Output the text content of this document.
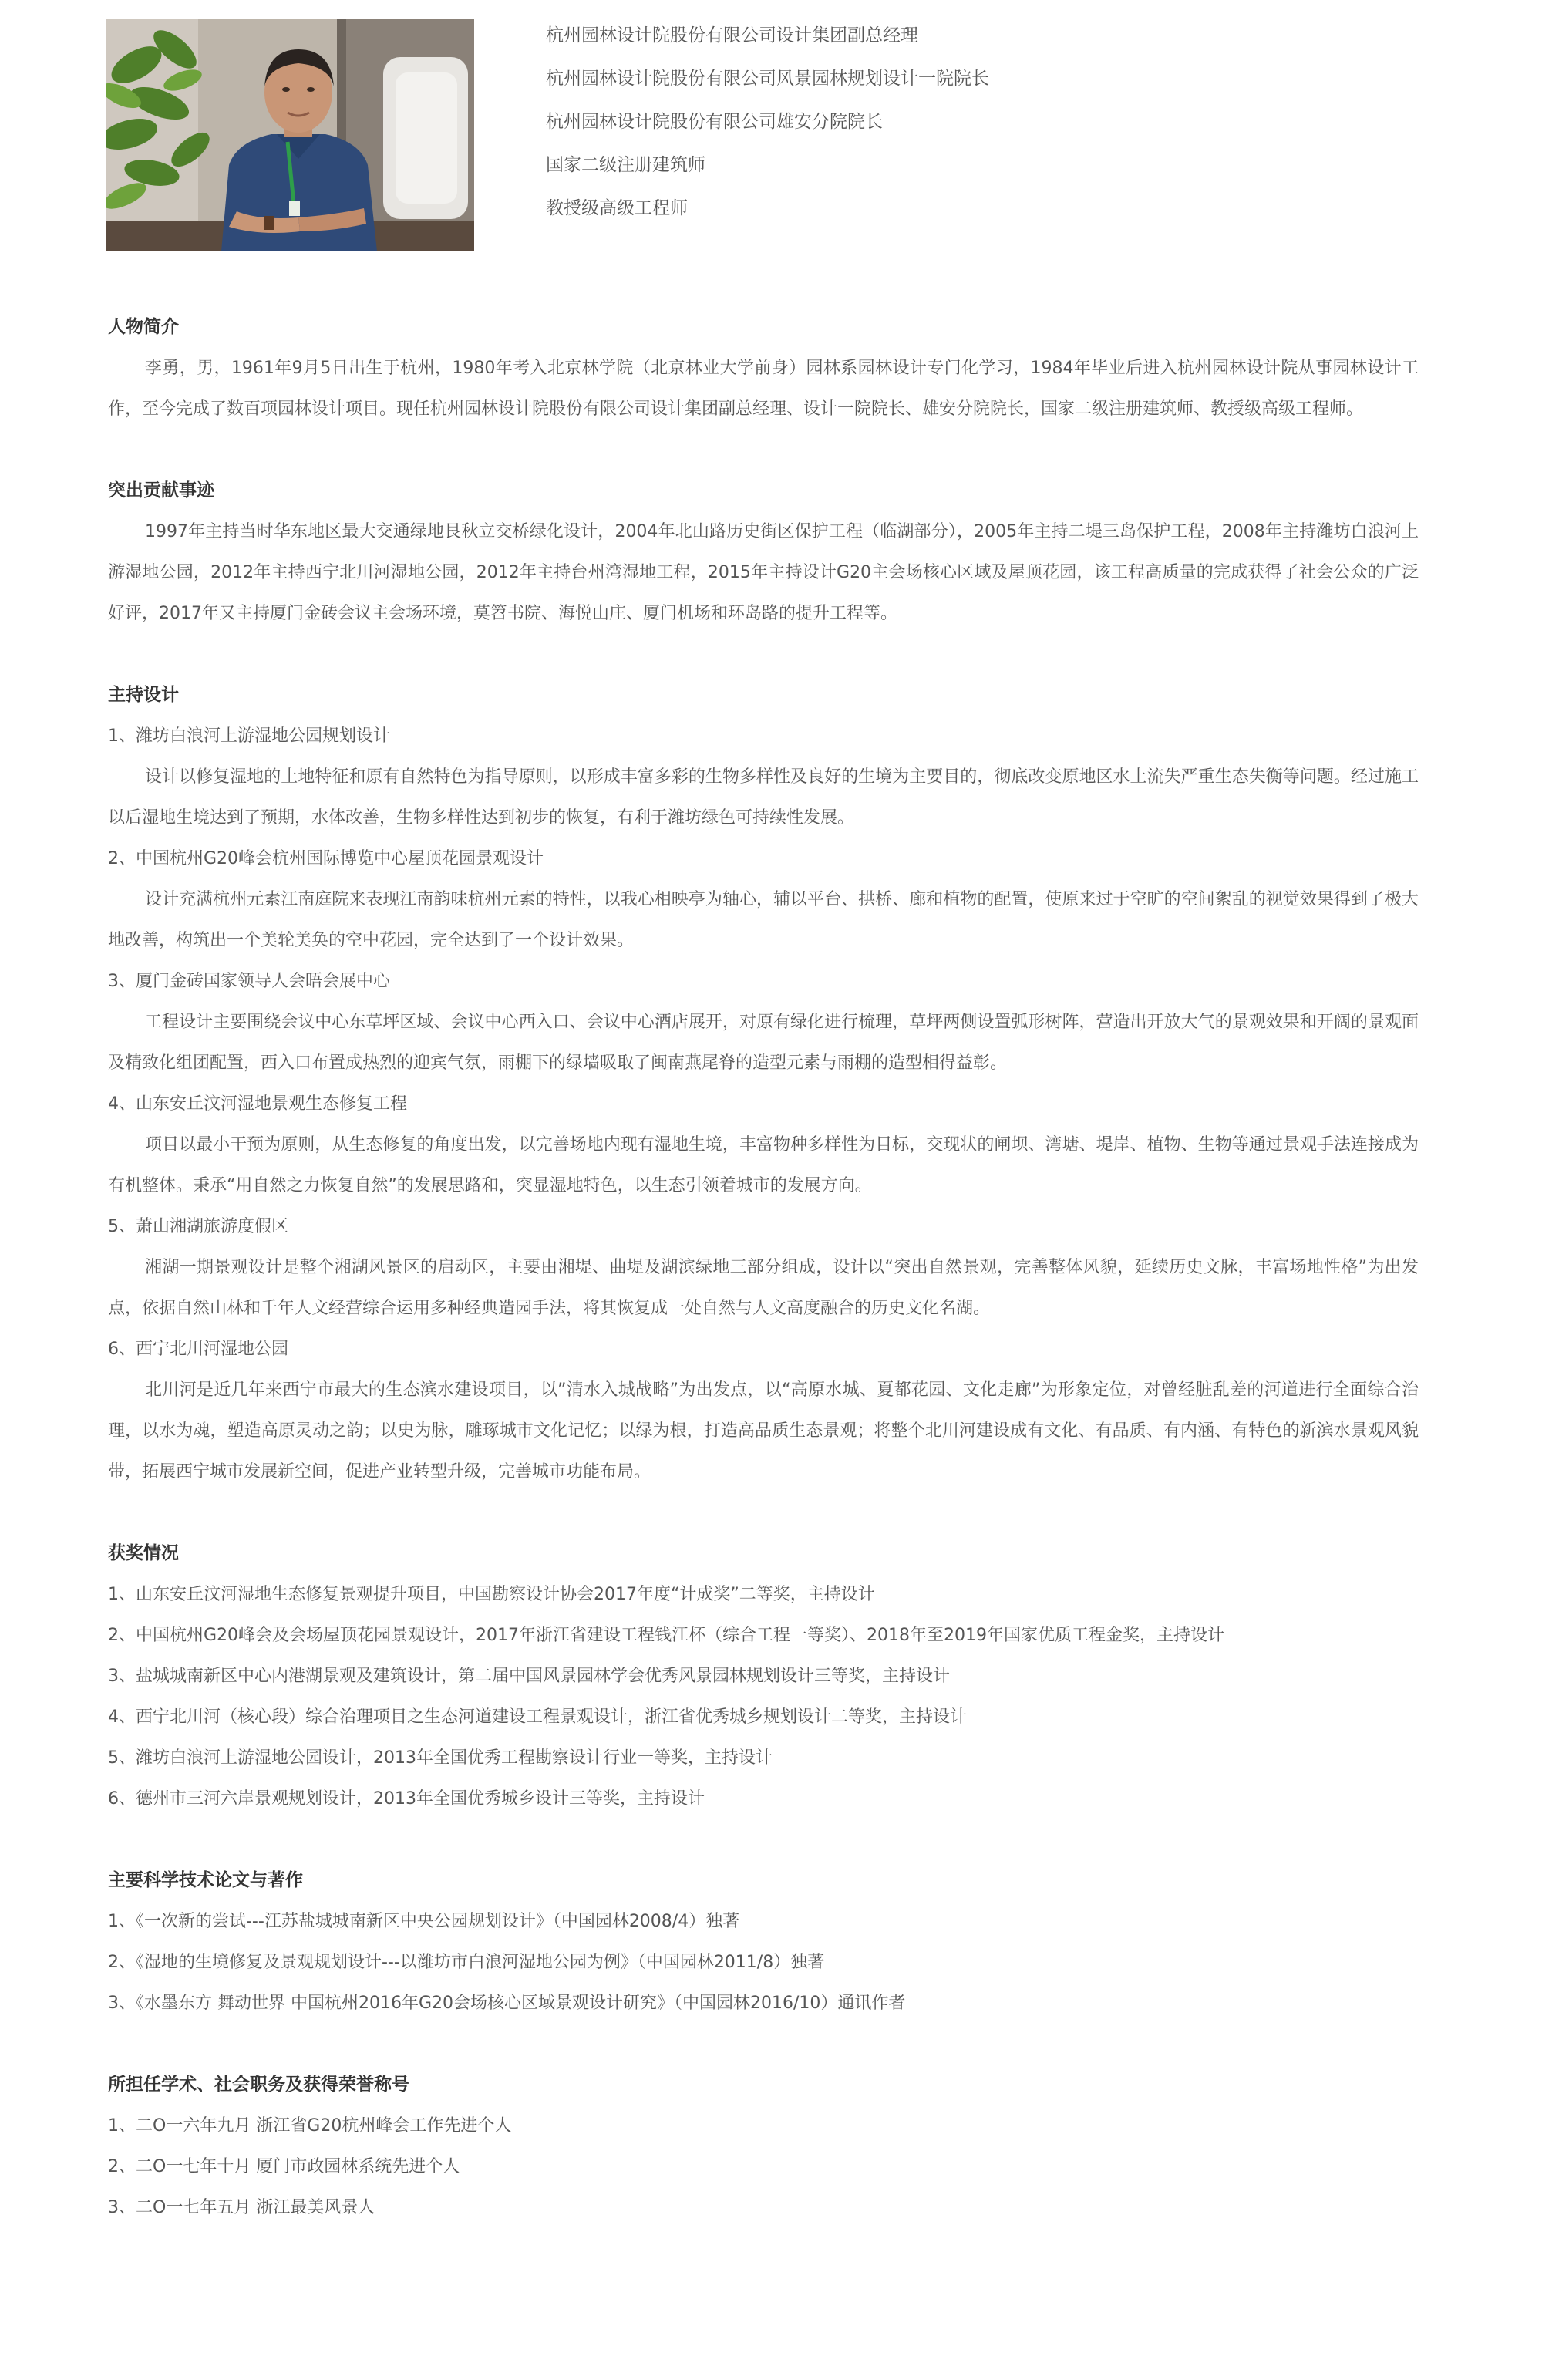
杭州园林设计院股份有限公司设计集团副总经理
杭州园林设计院股份有限公司风景园林规划设计一院院长
杭州园林设计院股份有限公司雄安分院院长
国家二级注册建筑师
教授级高级工程师
人物简介

李勇，男，1961年9月5日出生于杭州，1980年考入北京林学院（北京林业大学前身）园林系园林设计专门化学习，1984年毕业后进入杭州园林设计院从事园林设计工作，至今完成了数百项园林设计项目。现任杭州园林设计院股份有限公司设计集团副总经理、设计一院院长、雄安分院院长，国家二级注册建筑师、教授级高级工程师。

突出贡献事迹

1997年主持当时华东地区最大交通绿地艮秋立交桥绿化设计，2004年北山路历史街区保护工程（临湖部分），2005年主持二堤三岛保护工程，2008年主持潍坊白浪河上游湿地公园，2012年主持西宁北川河湿地公园，2012年主持台州湾湿地工程，2015年主持设计G20主会场核心区域及屋顶花园，该工程高质量的完成获得了社会公众的广泛好评，2017年又主持厦门金砖会议主会场环境，莫笤书院、海悦山庄、厦门机场和环岛路的提升工程等。

主持设计
1、潍坊白浪河上游湿地公园规划设计

设计以修复湿地的土地特征和原有自然特色为指导原则，以形成丰富多彩的生物多样性及良好的生境为主要目的，彻底改变原地区水土流失严重生态失衡等问题。经过施工以后湿地生境达到了预期，水体改善，生物多样性达到初步的恢复，有利于潍坊绿色可持续性发展。

2、中国杭州G20峰会杭州国际博览中心屋顶花园景观设计

设计充满杭州元素江南庭院来表现江南韵味杭州元素的特性，以我心相映亭为轴心，辅以平台、拱桥、廊和植物的配置，使原来过于空旷的空间絮乱的视觉效果得到了极大地改善，构筑出一个美轮美奂的空中花园，完全达到了一个设计效果。

3、厦门金砖国家领导人会晤会展中心

工程设计主要围绕会议中心东草坪区域、会议中心西入口、会议中心酒店展开，对原有绿化进行梳理，草坪两侧设置弧形树阵，营造出开放大气的景观效果和开阔的景观面及精致化组团配置，西入口布置成热烈的迎宾气氛，雨棚下的绿墙吸取了闽南燕尾脊的造型元素与雨棚的造型相得益彰。

4、山东安丘汶河湿地景观生态修复工程

项目以最小干预为原则，从生态修复的角度出发，以完善场地内现有湿地生境，丰富物种多样性为目标，交现状的闸坝、湾塘、堤岸、植物、生物等通过景观手法连接成为有机整体。秉承“用自然之力恢复自然”的发展思路和，突显湿地特色，以生态引领着城市的发展方向。

5、萧山湘湖旅游度假区

湘湖一期景观设计是整个湘湖风景区的启动区，主要由湘堤、曲堤及湖滨绿地三部分组成，设计以“突出自然景观，完善整体风貌，延续历史文脉，丰富场地性格”为出发点，依据自然山林和千年人文经营综合运用多种经典造园手法，将其恢复成一处自然与人文高度融合的历史文化名湖。

6、西宁北川河湿地公园

北川河是近几年来西宁市最大的生态滨水建设项目，以”清水入城战略”为出发点，以“高原水城、夏都花园、文化走廊”为形象定位，对曾经脏乱差的河道进行全面综合治理，以水为魂，塑造高原灵动之韵；以史为脉，雕琢城市文化记忆；以绿为根，打造高品质生态景观；将整个北川河建设成有文化、有品质、有内涵、有特色的新滨水景观风貌带，拓展西宁城市发展新空间，促进产业转型升级，完善城市功能布局。

获奖情况
1、山东安丘汶河湿地生态修复景观提升项目，中国勘察设计协会2017年度“计成奖”二等奖，主持设计
2、中国杭州G20峰会及会场屋顶花园景观设计，2017年浙江省建设工程钱江杯（综合工程一等奖）、2018年至2019年国家优质工程金奖，主持设计
3、盐城城南新区中心内港湖景观及建筑设计，第二届中国风景园林学会优秀风景园林规划设计三等奖，主持设计
4、西宁北川河（核心段）综合治理项目之生态河道建设工程景观设计，浙江省优秀城乡规划设计二等奖，主持设计
5、潍坊白浪河上游湿地公园设计，2013年全国优秀工程勘察设计行业一等奖，主持设计
6、德州市三河六岸景观规划设计，2013年全国优秀城乡设计三等奖，主持设计
主要科学技术论文与著作
1、《一次新的尝试---江苏盐城城南新区中央公园规划设计》（中国园林2008/4）独著
2、《湿地的生境修复及景观规划设计---以潍坊市白浪河湿地公园为例》（中国园林2011/8）独著
3、《水墨东方 舞动世界 中国杭州2016年G20会场核心区域景观设计研究》（中国园林2016/10）通讯作者
所担任学术、社会职务及获得荣誉称号
1、二O一六年九月 浙江省G20杭州峰会工作先进个人
2、二O一七年十月 厦门市政园林系统先进个人
3、二O一七年五月 浙江最美风景人
